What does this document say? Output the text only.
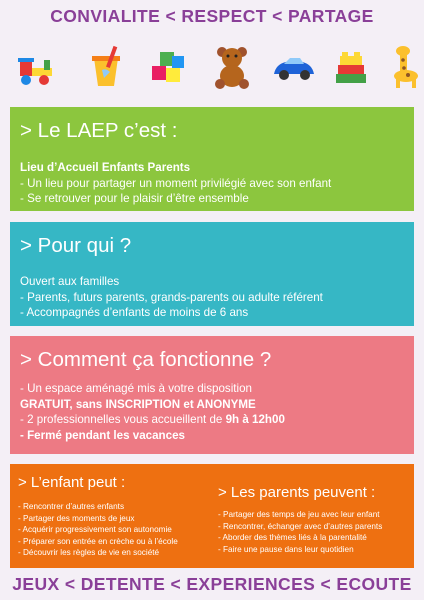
CONVIALITE < RESPECT < PARTAGE
> Le LAEP c’est :
Lieu d’Accueil Enfants Parents
- Un lieu pour partager un moment privilégié avec son enfant
- Se retrouver pour le plaisir d’être ensemble
> Pour qui ?
Ouvert aux familles
- Parents, futurs parents, grands-parents ou adulte référent
- Accompagnés d’enfants de moins de 6 ans
> Comment ça fonctionne ?
- Un espace aménagé mis à votre disposition
GRATUIT, sans INSCRIPTION et ANONYME
- 2 professionnelles vous accueillent de 9h à 12h00
- Fermé pendant les vacances
> L’enfant peut :
- Rencontrer d’autres enfants
- Partager des moments de jeux
- Acquérir progressivement son autonomie
- Préparer son entrée en crèche ou à l’école
- Découvrir les règles de vie en société
> Les parents peuvent :
- Partager des temps de jeu avec leur enfant
- Rencontrer, échanger avec d’autres parents
- Aborder des thèmes liés à la parentalité
- Faire une pause dans leur quotidien
JEUX < DETENTE < EXPERIENCES < ECOUTE
